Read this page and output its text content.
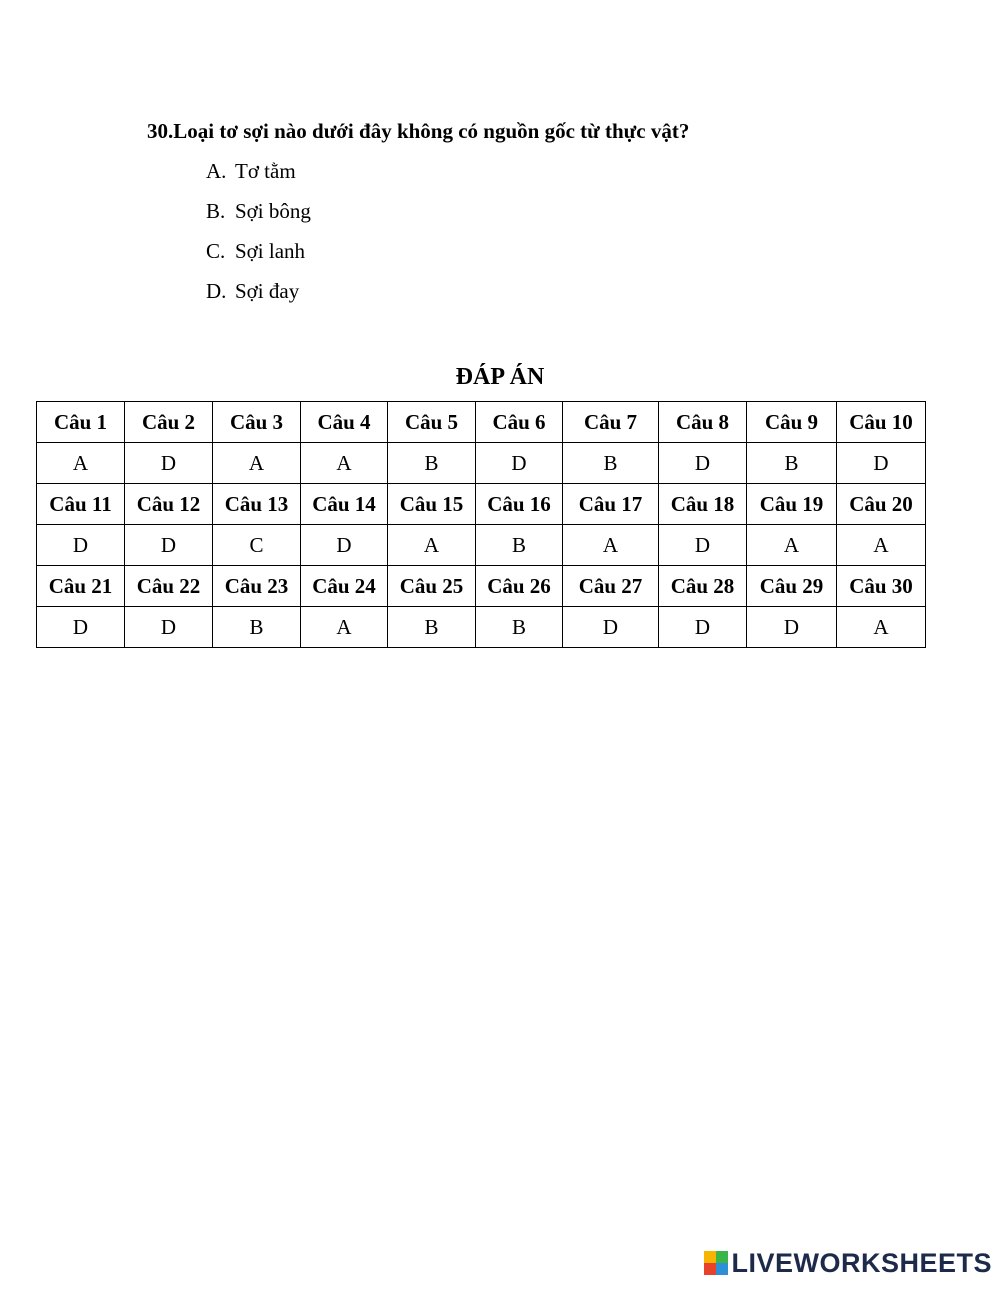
30.Loại tơ sợi nào dưới đây không có nguồn gốc từ thực vật?

A. Tơ tằm
B. Sợi bông
C. Sợi lanh
D. Sợi đay
ĐÁP ÁN
Câu 1	Câu 2	Câu 3	Câu 4	Câu 5	Câu 6	Câu 7	Câu 8	Câu 9	Câu 10
A	D	A	A	B	D	B	D	B	D
Câu 11	Câu 12	Câu 13	Câu 14	Câu 15	Câu 16	Câu 17	Câu 18	Câu 19	Câu 20
D	D	C	D	A	B	A	D	A	A
Câu 21	Câu 22	Câu 23	Câu 24	Câu 25	Câu 26	Câu 27	Câu 28	Câu 29	Câu 30
D	D	B	A	B	B	D	D	D	A
LIVEWORKSHEETS
